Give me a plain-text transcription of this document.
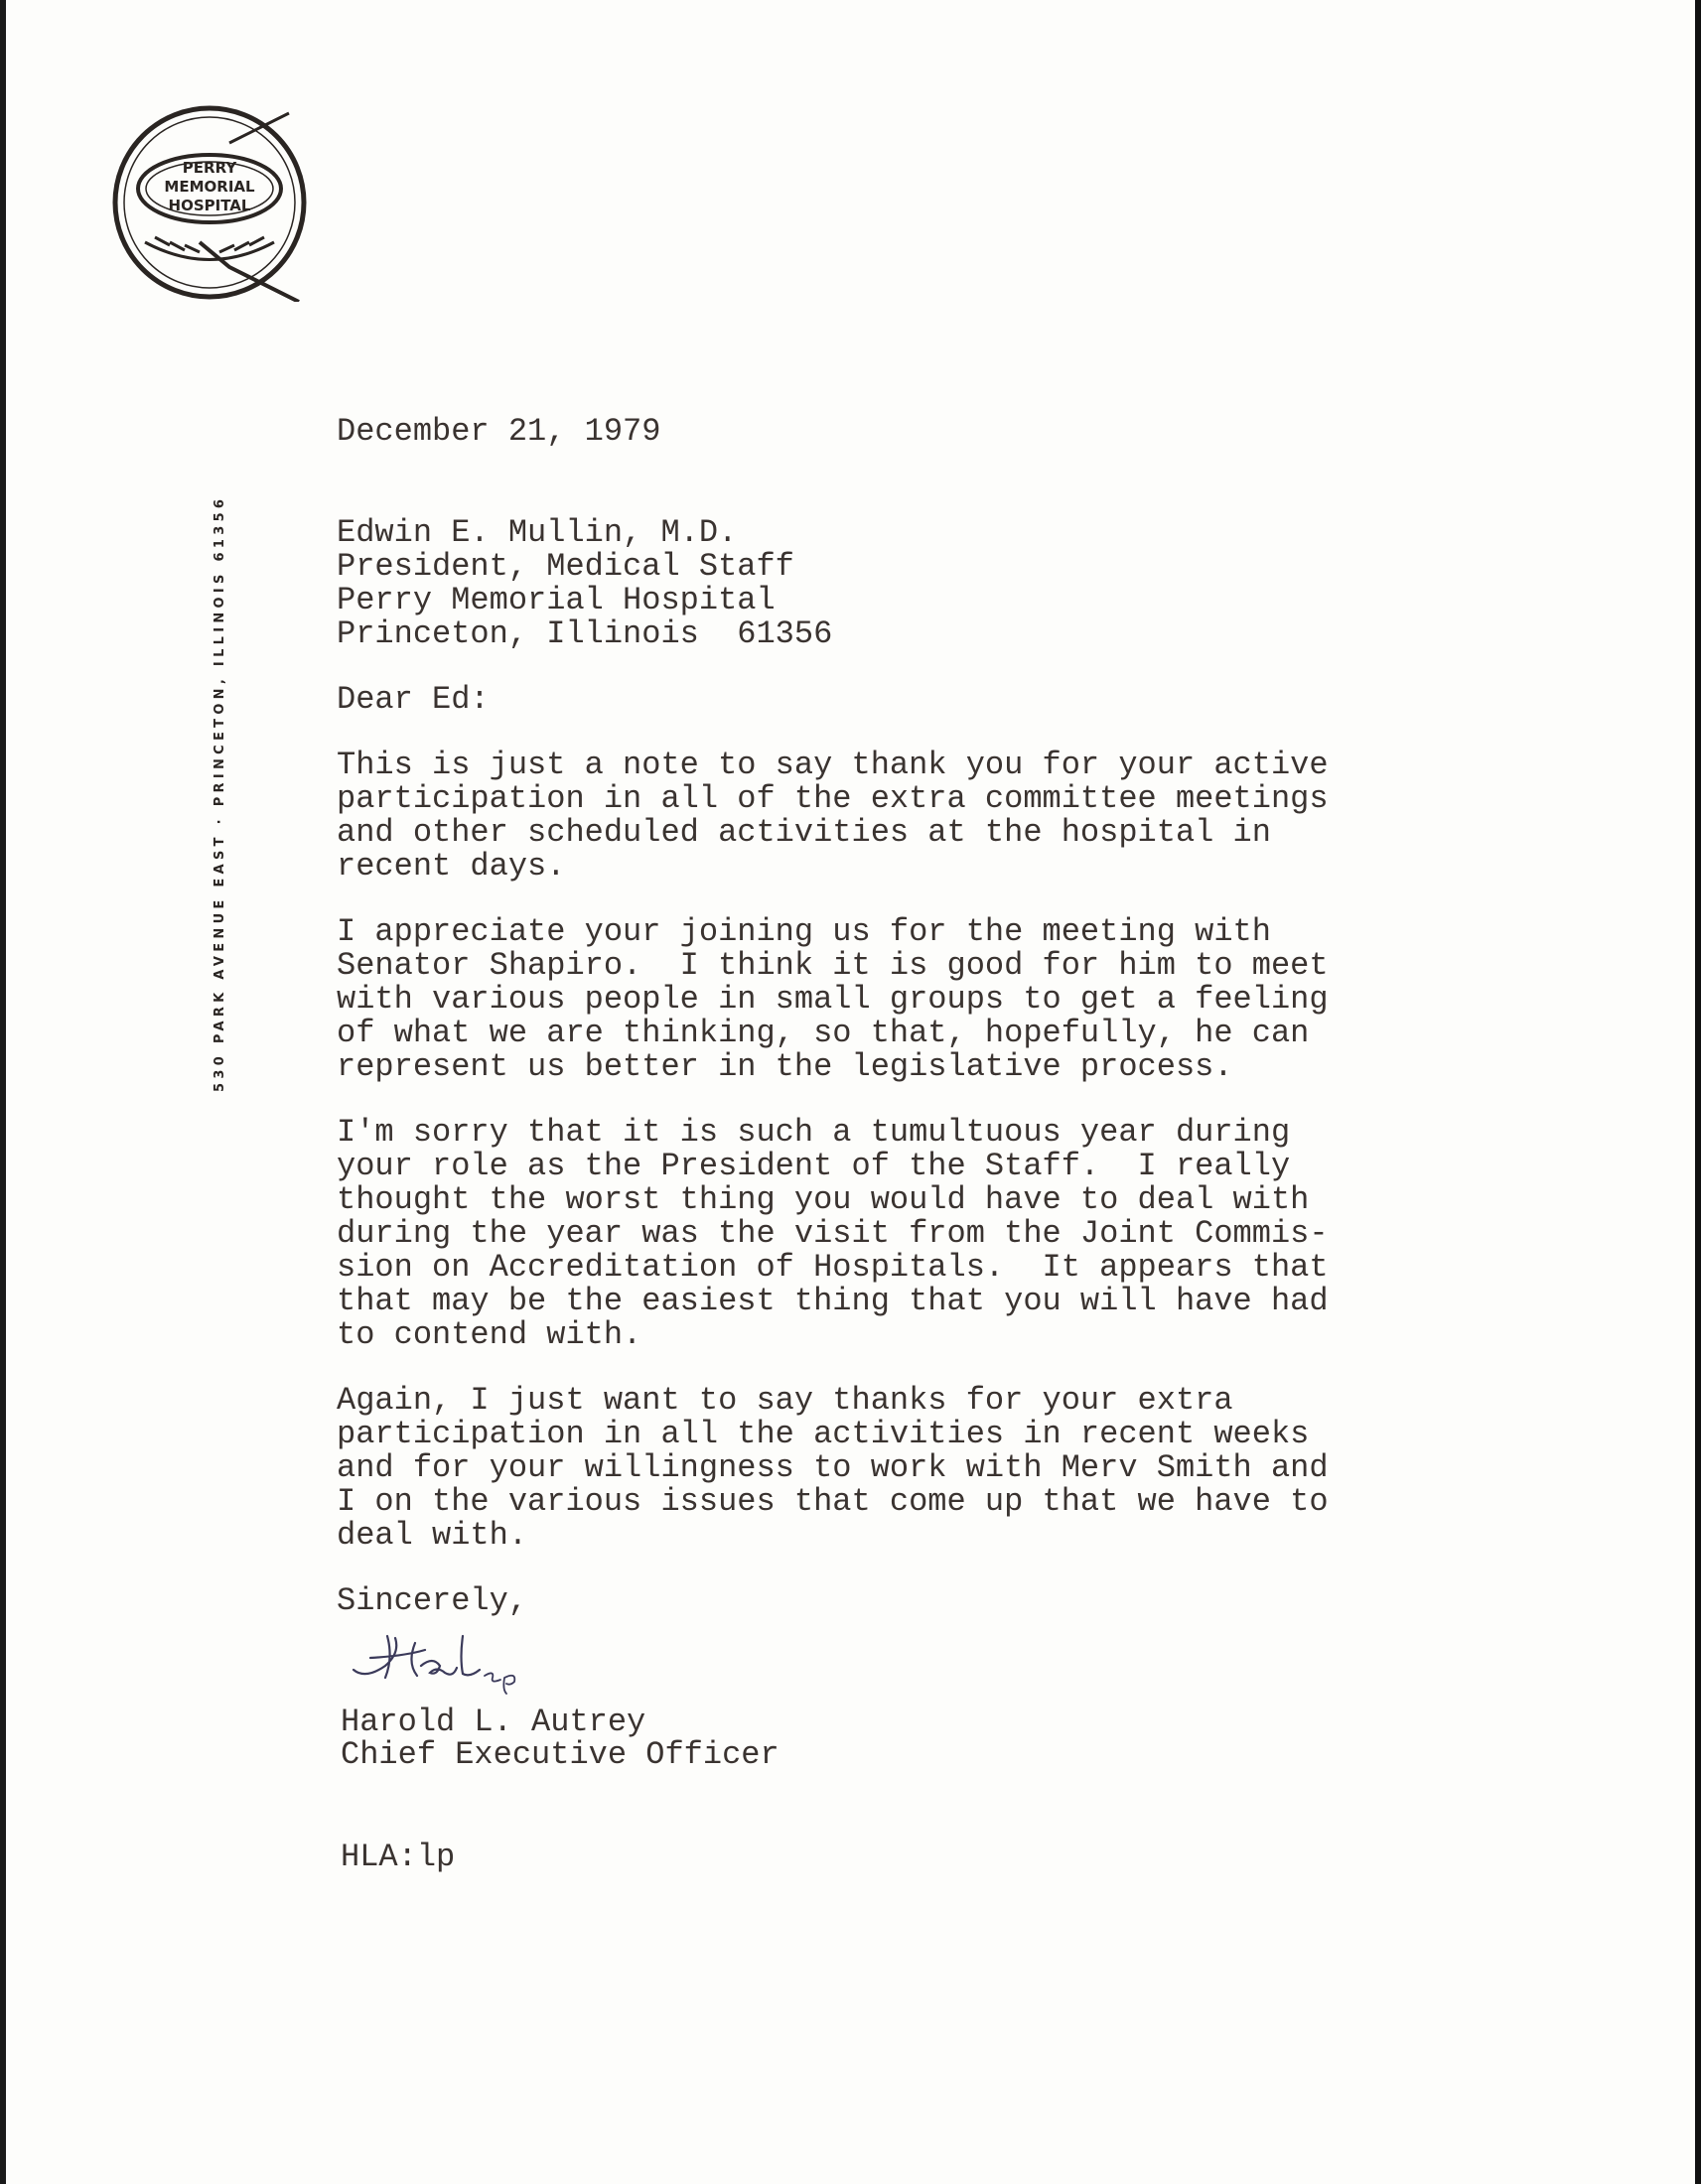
PERRY
MEMORIAL
HOSPITAL
530 PARK AVENUE EAST · PRINCETON, ILLINOIS 61356

December 21, 1979

Edwin E. Mullin, M.D.

President, Medical Staff

Perry Memorial Hospital

Princeton, Illinois  61356

Dear Ed:

This is just a note to say thank you for your active

participation in all of the extra committee meetings

and other scheduled activities at the hospital in

recent days.

I appreciate your joining us for the meeting with

Senator Shapiro.  I think it is good for him to meet

with various people in small groups to get a feeling

of what we are thinking, so that, hopefully, he can

represent us better in the legislative process.

I'm sorry that it is such a tumultuous year during

your role as the President of the Staff.  I really

thought the worst thing you would have to deal with

during the year was the visit from the Joint Commis-

sion on Accreditation of Hospitals.  It appears that

that may be the easiest thing that you will have had

to contend with.

Again, I just want to say thanks for your extra

participation in all the activities in recent weeks

and for your willingness to work with Merv Smith and

I on the various issues that come up that we have to

deal with.

Sincerely,

Harold L. Autrey

Chief Executive Officer

HLA:lp
